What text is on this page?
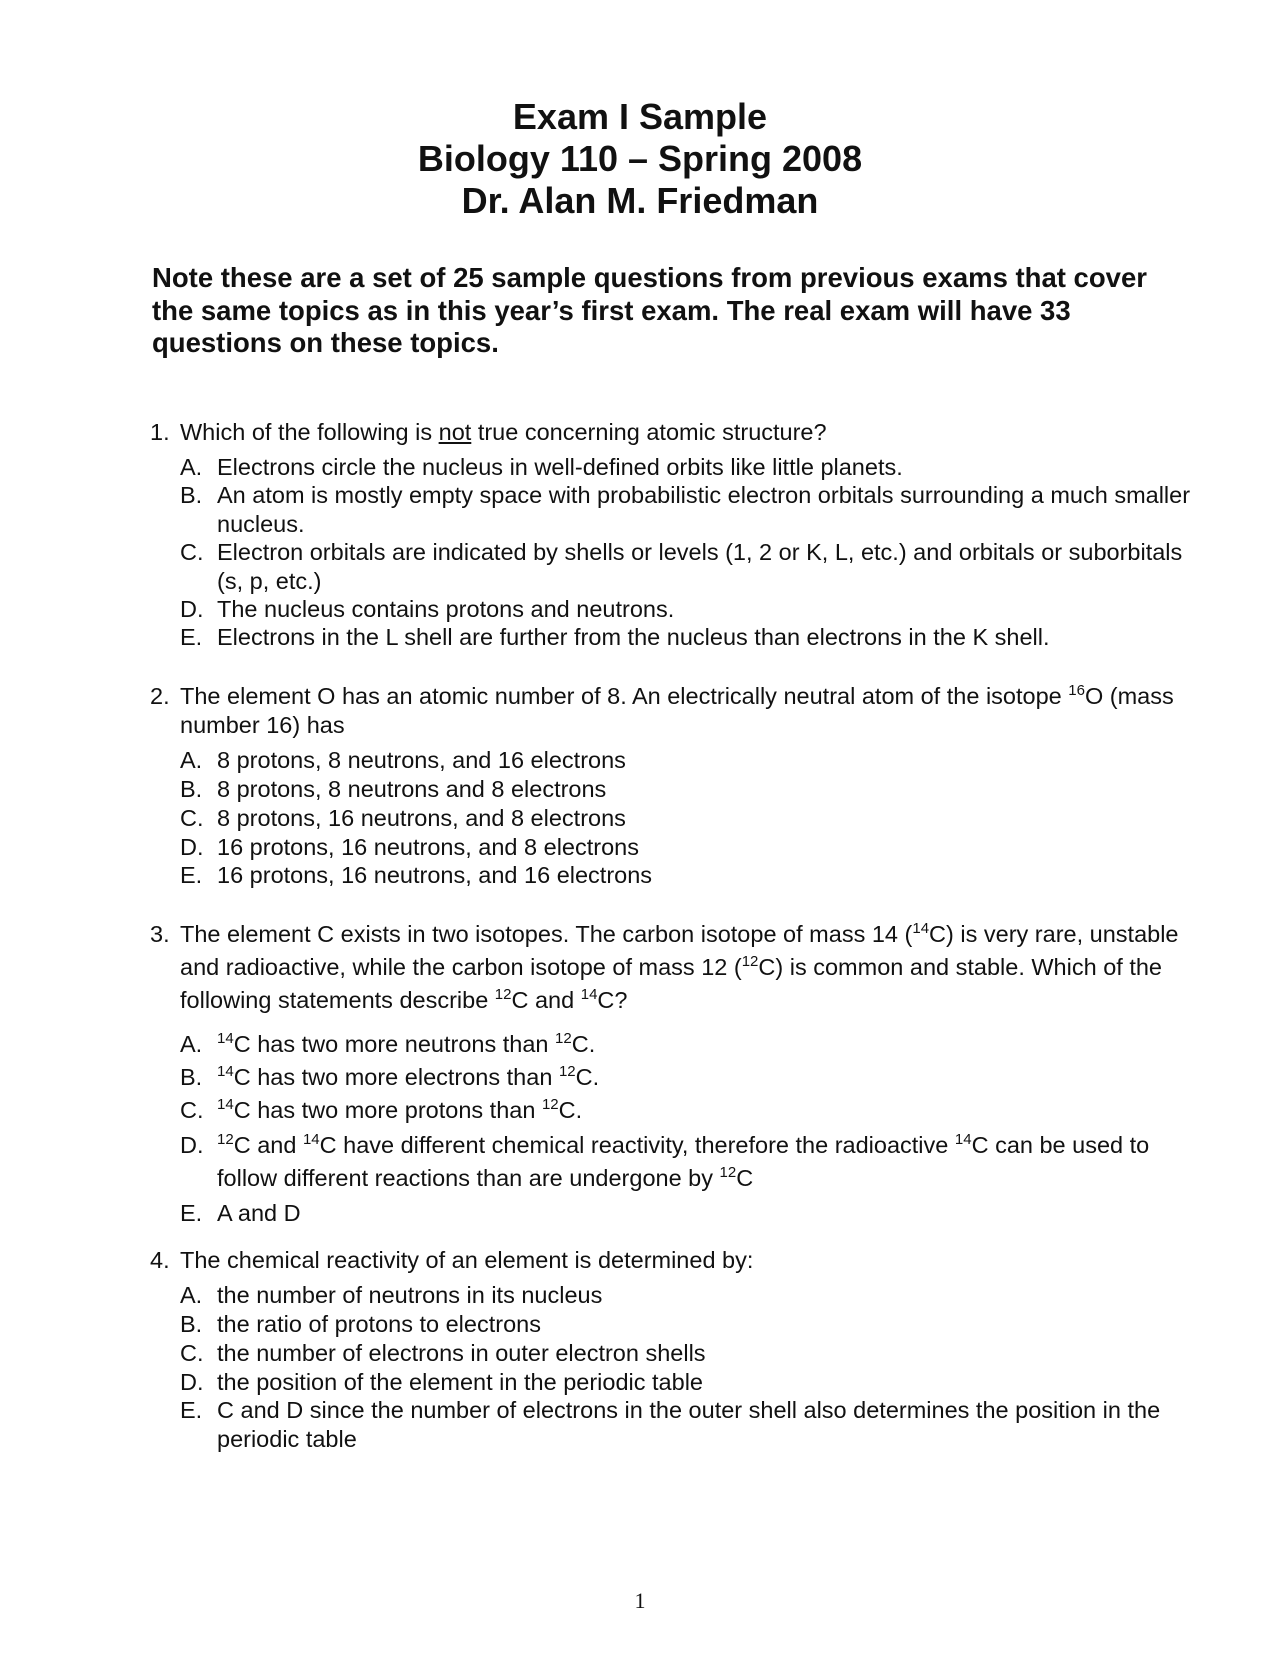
Exam I Sample
Biology 110 – Spring 2008
Dr. Alan M. Friedman

Note these are a set of 25 sample questions from previous exams that cover the same topics as in this year’s first exam. The real exam will have 33 questions on these topics.

1. Which of the following is not true concerning atomic structure?
A. Electrons circle the nucleus in well-defined orbits like little planets.
B. An atom is mostly empty space with probabilistic electron orbitals surrounding a much smaller nucleus.
C. Electron orbitals are indicated by shells or levels (1, 2 or K, L, etc.) and orbitals or suborbitals (s, p, etc.)
D. The nucleus contains protons and neutrons.
E. Electrons in the L shell are further from the nucleus than electrons in the K shell.
2. The element O has an atomic number of 8. An electrically neutral atom of the isotope $^{16}$O (mass number 16) has
A. 8 protons, 8 neutrons, and 16 electrons
B. 8 protons, 8 neutrons and 8 electrons
C. 8 protons, 16 neutrons, and 8 electrons
D. 16 protons, 16 neutrons, and 8 electrons
E. 16 protons, 16 neutrons, and 16 electrons
3. The element C exists in two isotopes. The carbon isotope of mass 14 ($^{14}$C) is very rare, unstable and radioactive, while the carbon isotope of mass 12 ($^{12}$C) is common and stable. Which of the following statements describe $^{12}$C and $^{14}$C?
A. $^{14}$C has two more neutrons than $^{12}$C.
B. $^{14}$C has two more electrons than $^{12}$C.
C. $^{14}$C has two more protons than $^{12}$C.
D. $^{12}$C and $^{14}$C have different chemical reactivity, therefore the radioactive $^{14}$C can be used to follow different reactions than are undergone by $^{12}$C
E. A and D
4. The chemical reactivity of an element is determined by:
A. the number of neutrons in its nucleus
B. the ratio of protons to electrons
C. the number of electrons in outer electron shells
D. the position of the element in the periodic table
E. C and D since the number of electrons in the outer shell also determines the position in the periodic table
1
